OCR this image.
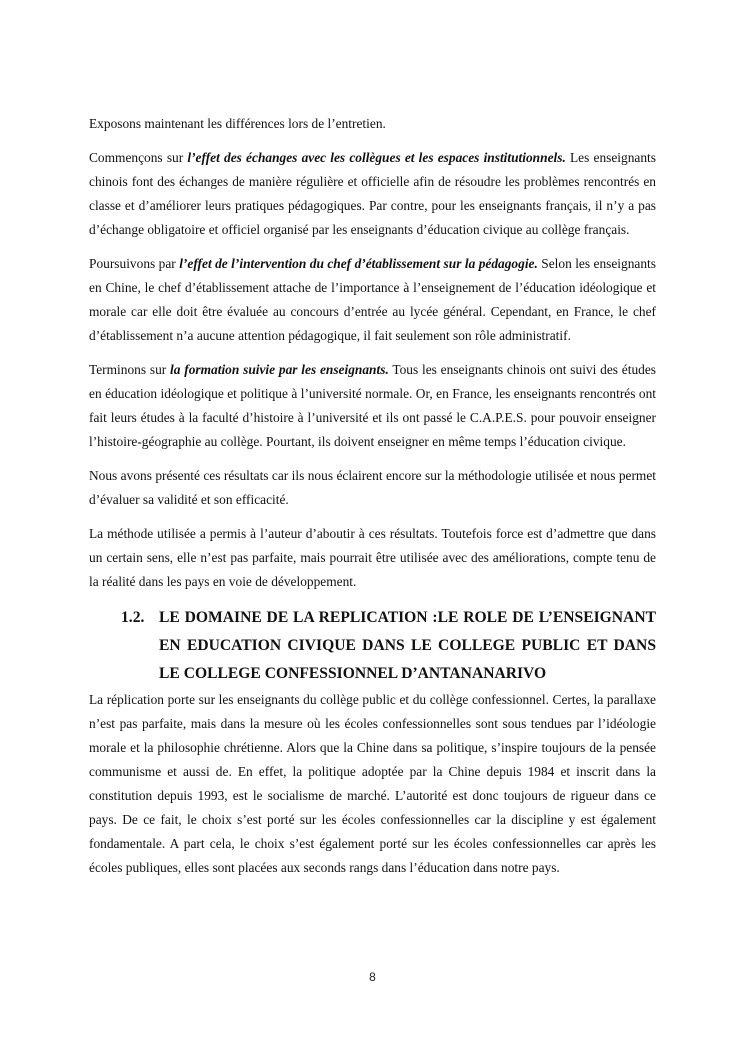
Exposons maintenant les différences lors de l’entretien.

Commençons sur l’effet des échanges avec les collègues et les espaces institutionnels. Les enseignants chinois font des échanges de manière régulière et officielle afin de résoudre les problèmes rencontrés en classe et d’améliorer leurs pratiques pédagogiques. Par contre, pour les enseignants français, il n’y a pas d’échange obligatoire et officiel organisé par les enseignants d’éducation civique au collège français.

Poursuivons par l’effet de l’intervention du chef d’établissement sur la pédagogie. Selon les enseignants en Chine, le chef d’établissement attache de l’importance à l’enseignement de l’éducation idéologique et morale car elle doit être évaluée au concours d’entrée au lycée général. Cependant, en France, le chef d’établissement n’a aucune attention pédagogique, il fait seulement son rôle administratif.

Terminons sur la formation suivie par les enseignants. Tous les enseignants chinois ont suivi des études en éducation idéologique et politique à l’université normale. Or, en France, les enseignants rencontrés ont fait leurs études à la faculté d’histoire à l’université et ils ont passé le C.A.P.E.S. pour pouvoir enseigner l’histoire-géographie au collège. Pourtant, ils doivent enseigner en même temps l’éducation civique.

Nous avons présenté ces résultats car ils nous éclairent encore sur la méthodologie utilisée et nous permet d’évaluer sa validité et son efficacité.

La méthode utilisée a permis à l’auteur d’aboutir à ces résultats. Toutefois force est d’admettre que dans un certain sens, elle n’est pas parfaite, mais pourrait être utilisée avec des améliorations, compte tenu de la réalité dans les pays en voie de développement.

1.2. LE DOMAINE DE LA REPLICATION :LE ROLE DE L’ENSEIGNANT EN EDUCATION CIVIQUE DANS LE COLLEGE PUBLIC ET DANS LE COLLEGE CONFESSIONNEL D’ANTANANARIVO

La réplication porte sur les enseignants du collège public et du collège confessionnel. Certes, la parallaxe n’est pas parfaite, mais dans la mesure où les écoles confessionnelles sont sous tendues par l’idéologie morale et la philosophie chrétienne. Alors que la Chine dans sa politique, s’inspire toujours de la pensée communisme et aussi de. En effet, la politique adoptée par la Chine depuis 1984 et inscrit dans la constitution depuis 1993, est le socialisme de marché. L’autorité est donc toujours de rigueur dans ce pays. De ce fait, le choix s’est porté sur les écoles confessionnelles car la discipline y est également fondamentale. A part cela, le choix s’est également porté sur les écoles confessionnelles car après les écoles publiques, elles sont placées aux seconds rangs dans l’éducation dans notre pays.

8
